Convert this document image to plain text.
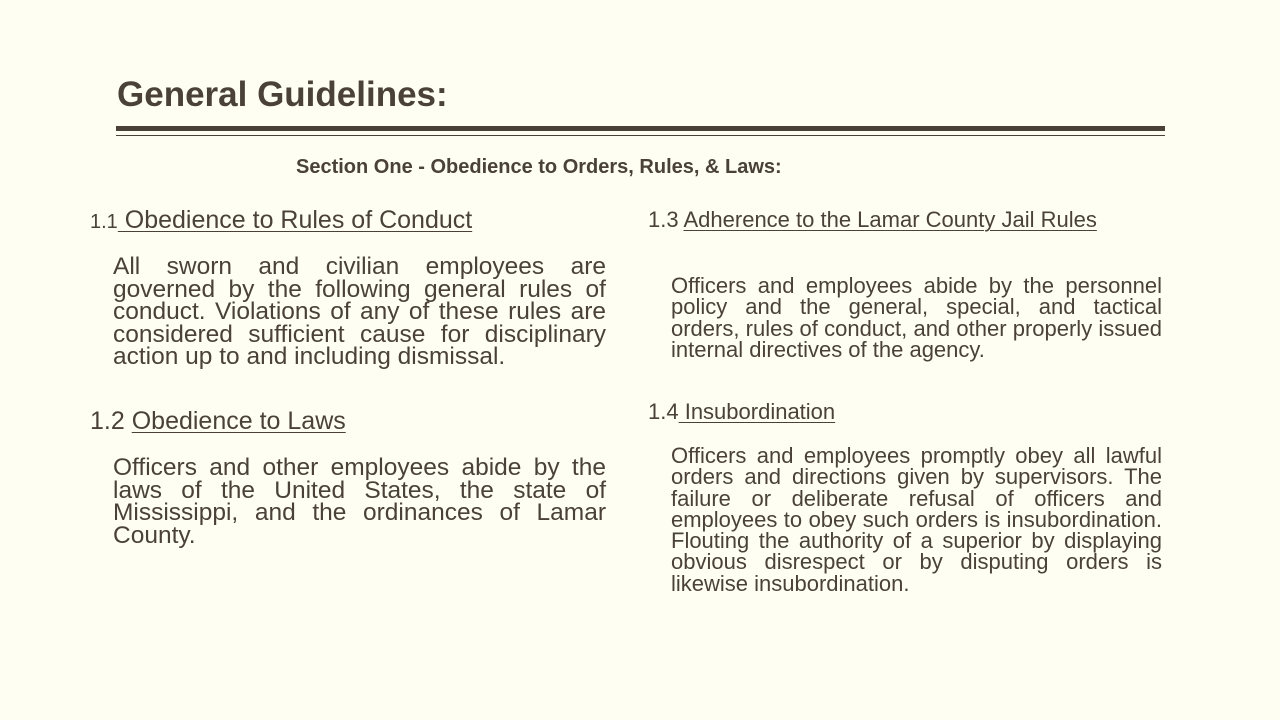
General Guidelines:
Section One - Obedience to Orders, Rules, & Laws:
1.1 Obedience to Rules of Conduct

All sworn and civilian employees are governed by the following general rules of conduct. Violations of any of these rules are considered sufficient cause for disciplinary action up to and including dismissal.

1.2 Obedience to Laws

Officers and other employees abide by the laws of the United States, the state of Mississippi, and the ordinances of Lamar County.

1.3 Adherence to the Lamar County Jail Rules

Officers and employees abide by the personnel policy and the general, special, and tactical orders, rules of conduct, and other properly issued internal directives of the agency.

1.4 Insubordination

Officers and employees promptly obey all lawful orders and directions given by supervisors. The failure or deliberate refusal of officers and employees to obey such orders is insubordination. Flouting the authority of a superior by displaying obvious disrespect or by disputing orders is likewise insubordination.
